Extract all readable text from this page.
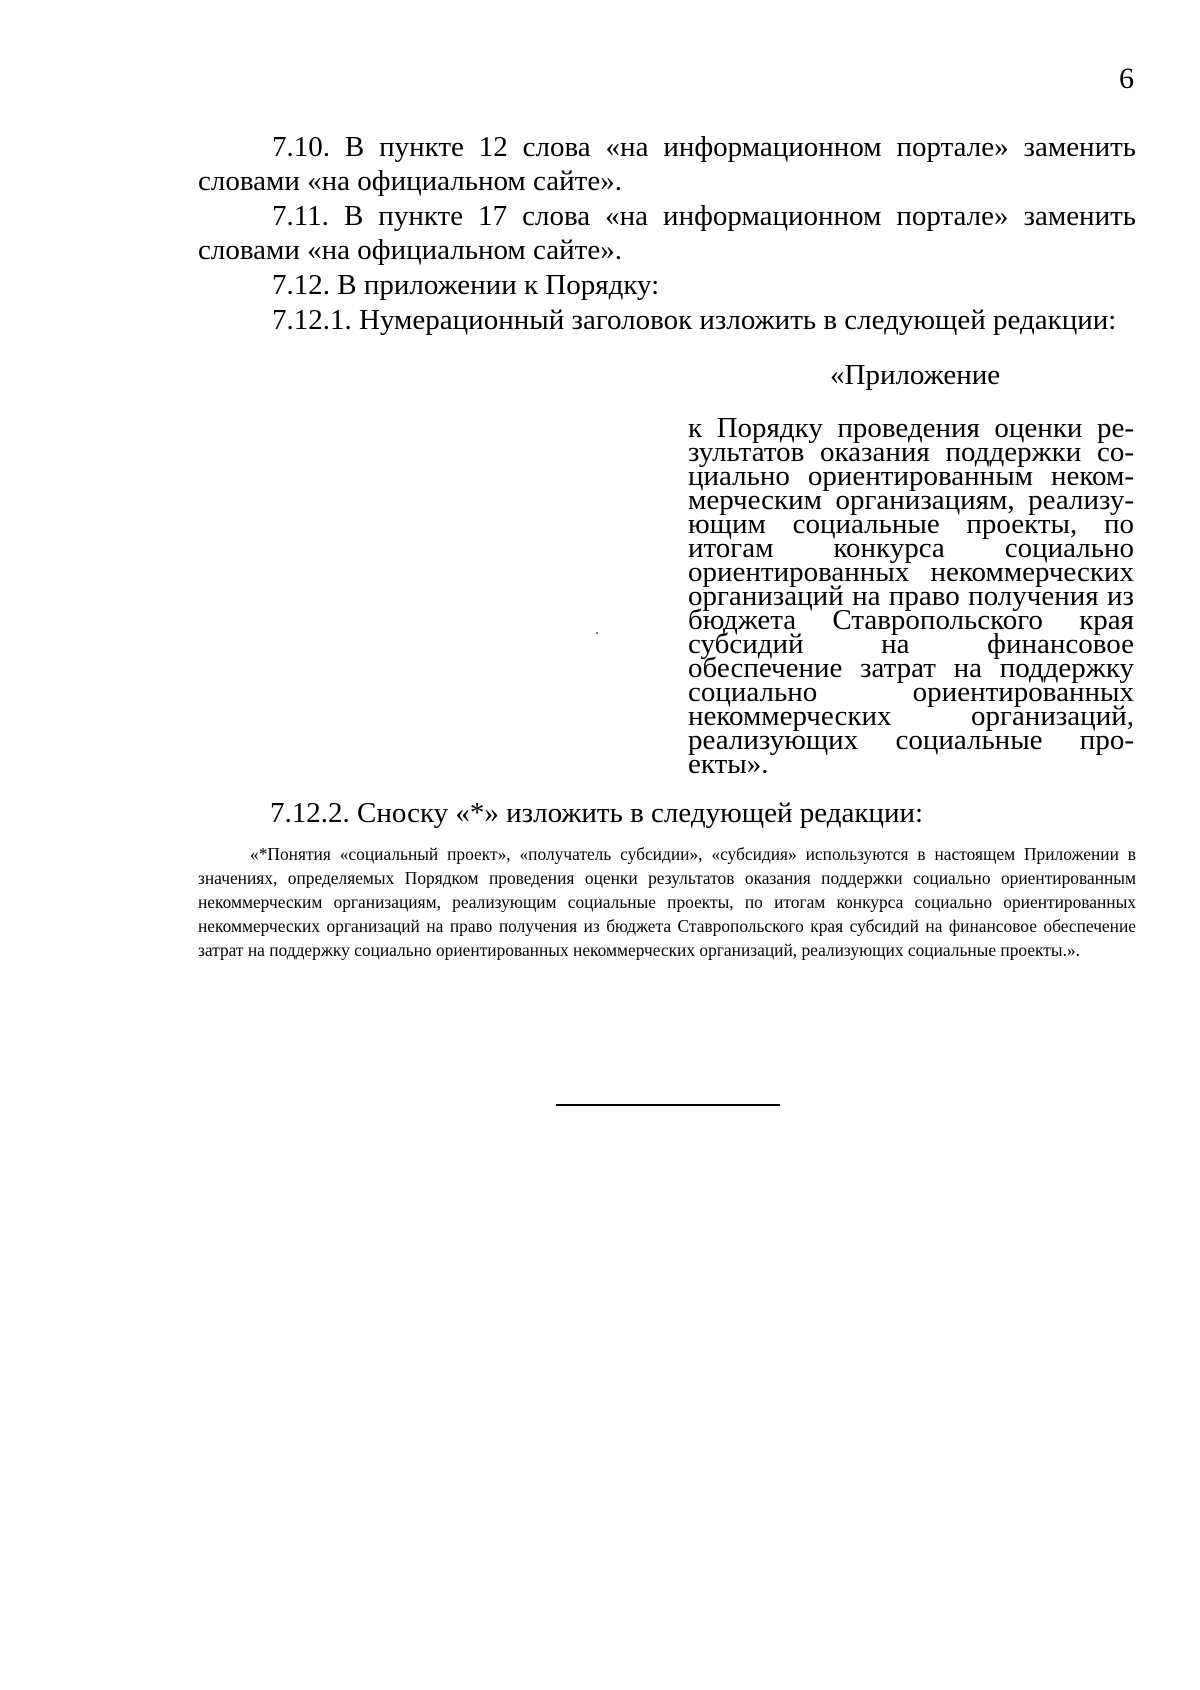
6

7.10. В пункте 12 слова «на информационном портале» заменить словами «на официальном сайте».

7.11. В пункте 17 слова «на информационном портале» заменить словами «на официальном сайте».

7.12. В приложении к Порядку:

7.12.1. Нумерационный заголовок изложить в следующей редакции:

«Приложение
к Порядку проведения оценки результатов оказания поддержки социально ориентированным некоммерческим организациям, реализующим социальные проекты, по итогам конкурса социально ориентированных некоммерческих организаций на право получения из бюджета Ставропольского края субсидий на финансовое обеспечение затрат на поддержку социально ориентированных некоммерческих организаций, реализующих социальные проекты».
7.12.2. Сноску «*» изложить в следующей редакции:
«*Понятия «социальный проект», «получатель субсидии», «субсидия» используются в настоящем Приложении в значениях, определяемых Порядком проведения оценки результатов оказания поддержки социально ориентированным некоммерческим организациям, реализующим социальные проекты, по итогам конкурса социально ориентированных некоммерческих организаций на право получения из бюджета Ставропольского края субсидий на финансовое обеспечение затрат на поддержку социально ориентированных некоммерческих организаций, реализующих социальные проекты.».
